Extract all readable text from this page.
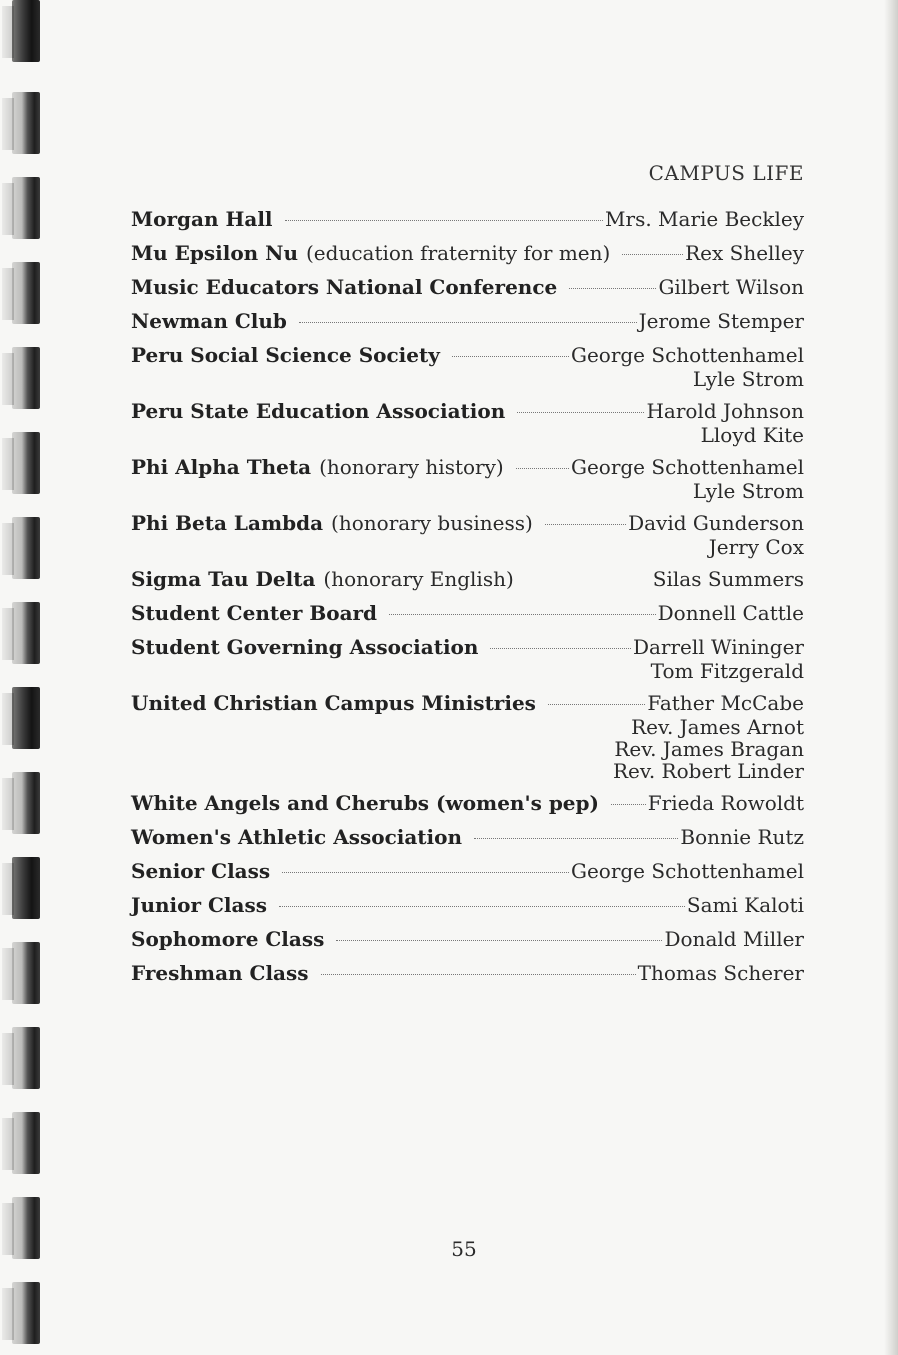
CAMPUS LIFE
Morgan Hall	Mrs. Marie Beckley
Mu Epsilon Nu (education fraternity for men)	Rex Shelley
Music Educators National Conference	Gilbert Wilson
Newman Club	Jerome Stemper
Peru Social Science Society	George Schottenhamel
Lyle Strom
Peru State Education Association	Harold Johnson
Lloyd Kite
Phi Alpha Theta (honorary history)	George Schottenhamel
Lyle Strom
Phi Beta Lambda (honorary business)	David Gunderson
Jerry Cox
Sigma Tau Delta (honorary English)	Silas Summers
Student Center Board	Donnell Cattle
Student Governing Association	Darrell Wininger
Tom Fitzgerald
United Christian Campus Ministries	Father McCabe
Rev. James Arnot
Rev. James Bragan
Rev. Robert Linder
White Angels and Cherubs (women's pep) Frieda Rowoldt
Women's Athletic Association	Bonnie Rutz
Senior Class	George Schottenhamel
Junior Class	Sami Kaloti
Sophomore Class	Donald Miller
Freshman Class	Thomas Scherer
55
